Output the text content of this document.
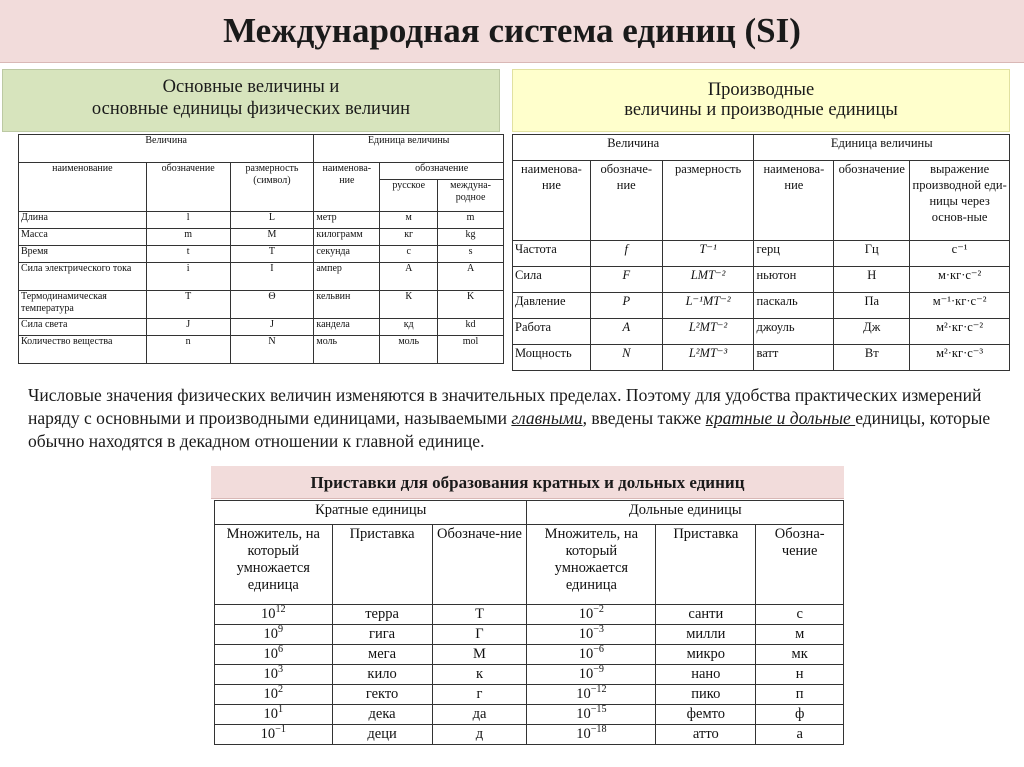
Международная система единиц (SI)
Основные величины и
основные единицы физических величин
Производные
величины и производные единицы
Величина			Единица величины		
наименование	обозначение	размерность (символ)	наименова-ние	обозначение	
				русское	междуна-родное
Длина	l	L	метр	м	m
Масса	m	M	килограмм	кг	kg
Время	t	T	секунда	с	s
Сила электрического тока	i	I	ампер	А	A
Термодинамическая температура	T	Θ	кельвин	К	K
Сила света	J	J	кандела	кд	kd
Количество вещества	n	N	моль	моль	mol
Величина			Единица величины		
наименова-ние	обозначе-ние	размерность	наименова-ние	обозначение	выражение производной еди-ницы через основ-ные
Частота	f	T⁻¹	герц	Гц	с⁻¹
Сила	F	LMT⁻²	ньютон	Н	м·кг·с⁻²
Давление	P	L⁻¹MT⁻²	паскаль	Па	м⁻¹·кг·с⁻²
Работа	A	L²MT⁻²	джоуль	Дж	м²·кг·с⁻²
Мощность	N	L²MT⁻³	ватт	Вт	м²·кг·с⁻³
Числовые значения физических величин изменяются в значительных пределах. Поэтому для удобства практических измерений наряду с основными и производными единицами, называемыми главными, введены также кратные и дольные единицы, которые обычно находятся в декадном отношении к главной единице.
Приставки для образования кратных и дольных единиц
Кратные единицы			Дольные единицы		
Множитель, на который умножается единица	Приставка	Обозначе-ние	Множитель, на который умножается единица	Приставка	Обозна-чение
$10^{12}$	терра	Т	$10^{-2}$	санти	с
$10^9$	гига	Г	$10^{-3}$	милли	м
$10^6$	мега	М	$10^{-6}$	микро	мк
$10^3$	кило	к	$10^{-9}$	нано	н
$10^2$	гекто	г	$10^{-12}$	пико	п
$10^1$	дека	да	$10^{-15}$	фемто	ф
$10^{-1}$	деци	д	$10^{-18}$	атто	а
